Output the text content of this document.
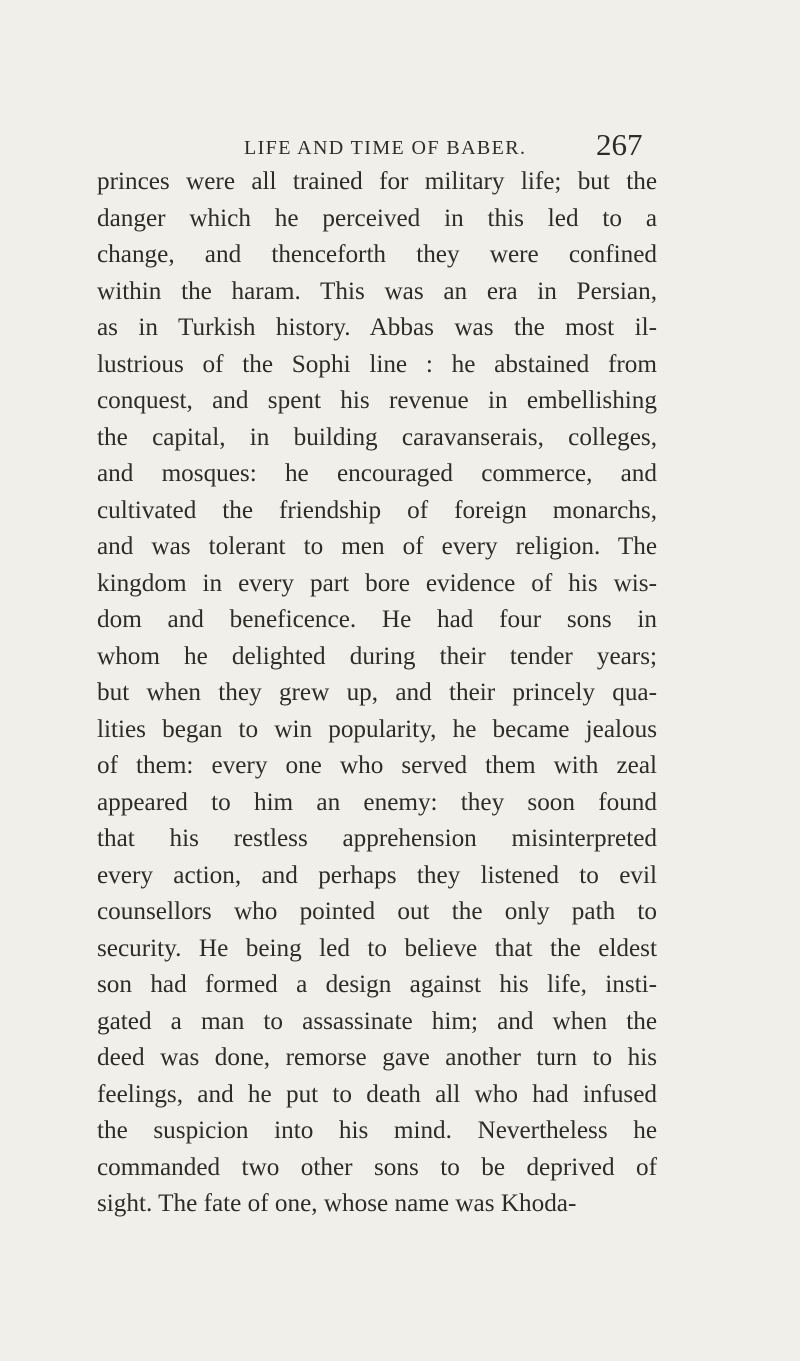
LIFE AND TIME OF BABER. 267
princes were all trained for military life; but the
danger which he perceived in this led to a
change, and thenceforth they were confined
within the haram. This was an era in Persian,
as in Turkish history. Abbas was the most il-
lustrious of the Sophi line : he abstained from
conquest, and spent his revenue in embellishing
the capital, in building caravanserais, colleges,
and mosques: he encouraged commerce, and
cultivated the friendship of foreign monarchs,
and was tolerant to men of every religion. The
kingdom in every part bore evidence of his wis-
dom and beneficence. He had four sons in
whom he delighted during their tender years;
but when they grew up, and their princely qua-
lities began to win popularity, he became jealous
of them: every one who served them with zeal
appeared to him an enemy: they soon found
that his restless apprehension misinterpreted
every action, and perhaps they listened to evil
counsellors who pointed out the only path to
security. He being led to believe that the eldest
son had formed a design against his life, insti-
gated a man to assassinate him; and when the
deed was done, remorse gave another turn to his
feelings, and he put to death all who had infused
the suspicion into his mind. Nevertheless he
commanded two other sons to be deprived of
sight. The fate of one, whose name was Khoda-
